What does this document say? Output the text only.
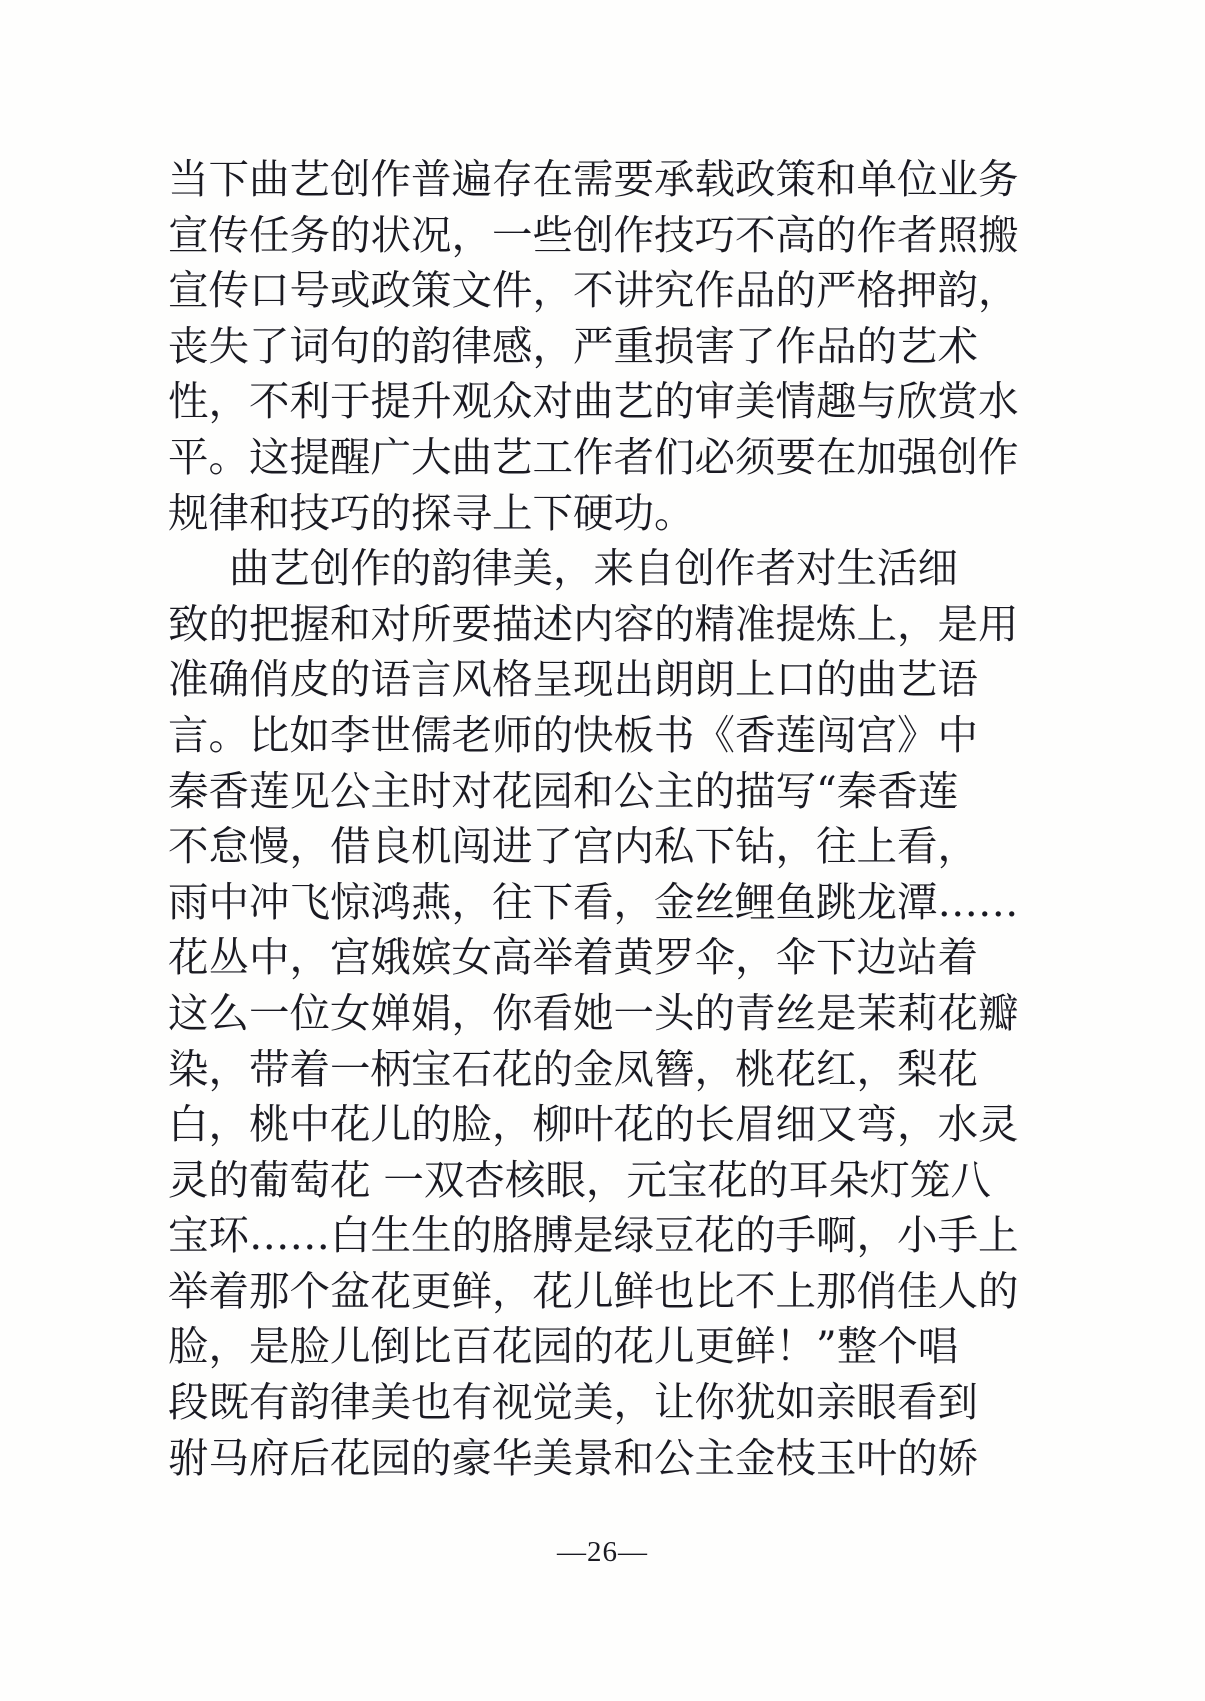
当下曲艺创作普遍存在需要承载政策和单位业务
宣传任务的状况，一些创作技巧不高的作者照搬
宣传口号或政策文件，不讲究作品的严格押韵，
丧失了词句的韵律感，严重损害了作品的艺术
性，不利于提升观众对曲艺的审美情趣与欣赏水
平。这提醒广大曲艺工作者们必须要在加强创作
规律和技巧的探寻上下硬功。

曲艺创作的韵律美，来自创作者对生活细
致的把握和对所要描述内容的精准提炼上，是用
准确俏皮的语言风格呈现出朗朗上口的曲艺语
言。比如李世儒老师的快板书《香莲闯宫》中
秦香莲见公主时对花园和公主的描写“秦香莲
不怠慢，借良机闯进了宫内私下钻，往上看，
雨中冲飞惊鸿燕，往下看，金丝鲤鱼跳龙潭……
花丛中，宫娥嫔女高举着黄罗伞，伞下边站着
这么一位女婵娟，你看她一头的青丝是茉莉花瓣
染，带着一柄宝石花的金凤簪，桃花红，梨花
白，桃中花儿的脸，柳叶花的长眉细又弯，水灵
灵的葡萄花 一双杏核眼，元宝花的耳朵灯笼八
宝环……白生生的胳膊是绿豆花的手啊，小手上
举着那个盆花更鲜，花儿鲜也比不上那俏佳人的
脸，是脸儿倒比百花园的花儿更鲜！”整个唱
段既有韵律美也有视觉美，让你犹如亲眼看到
驸马府后花园的豪华美景和公主金枝玉叶的娇

—26—
